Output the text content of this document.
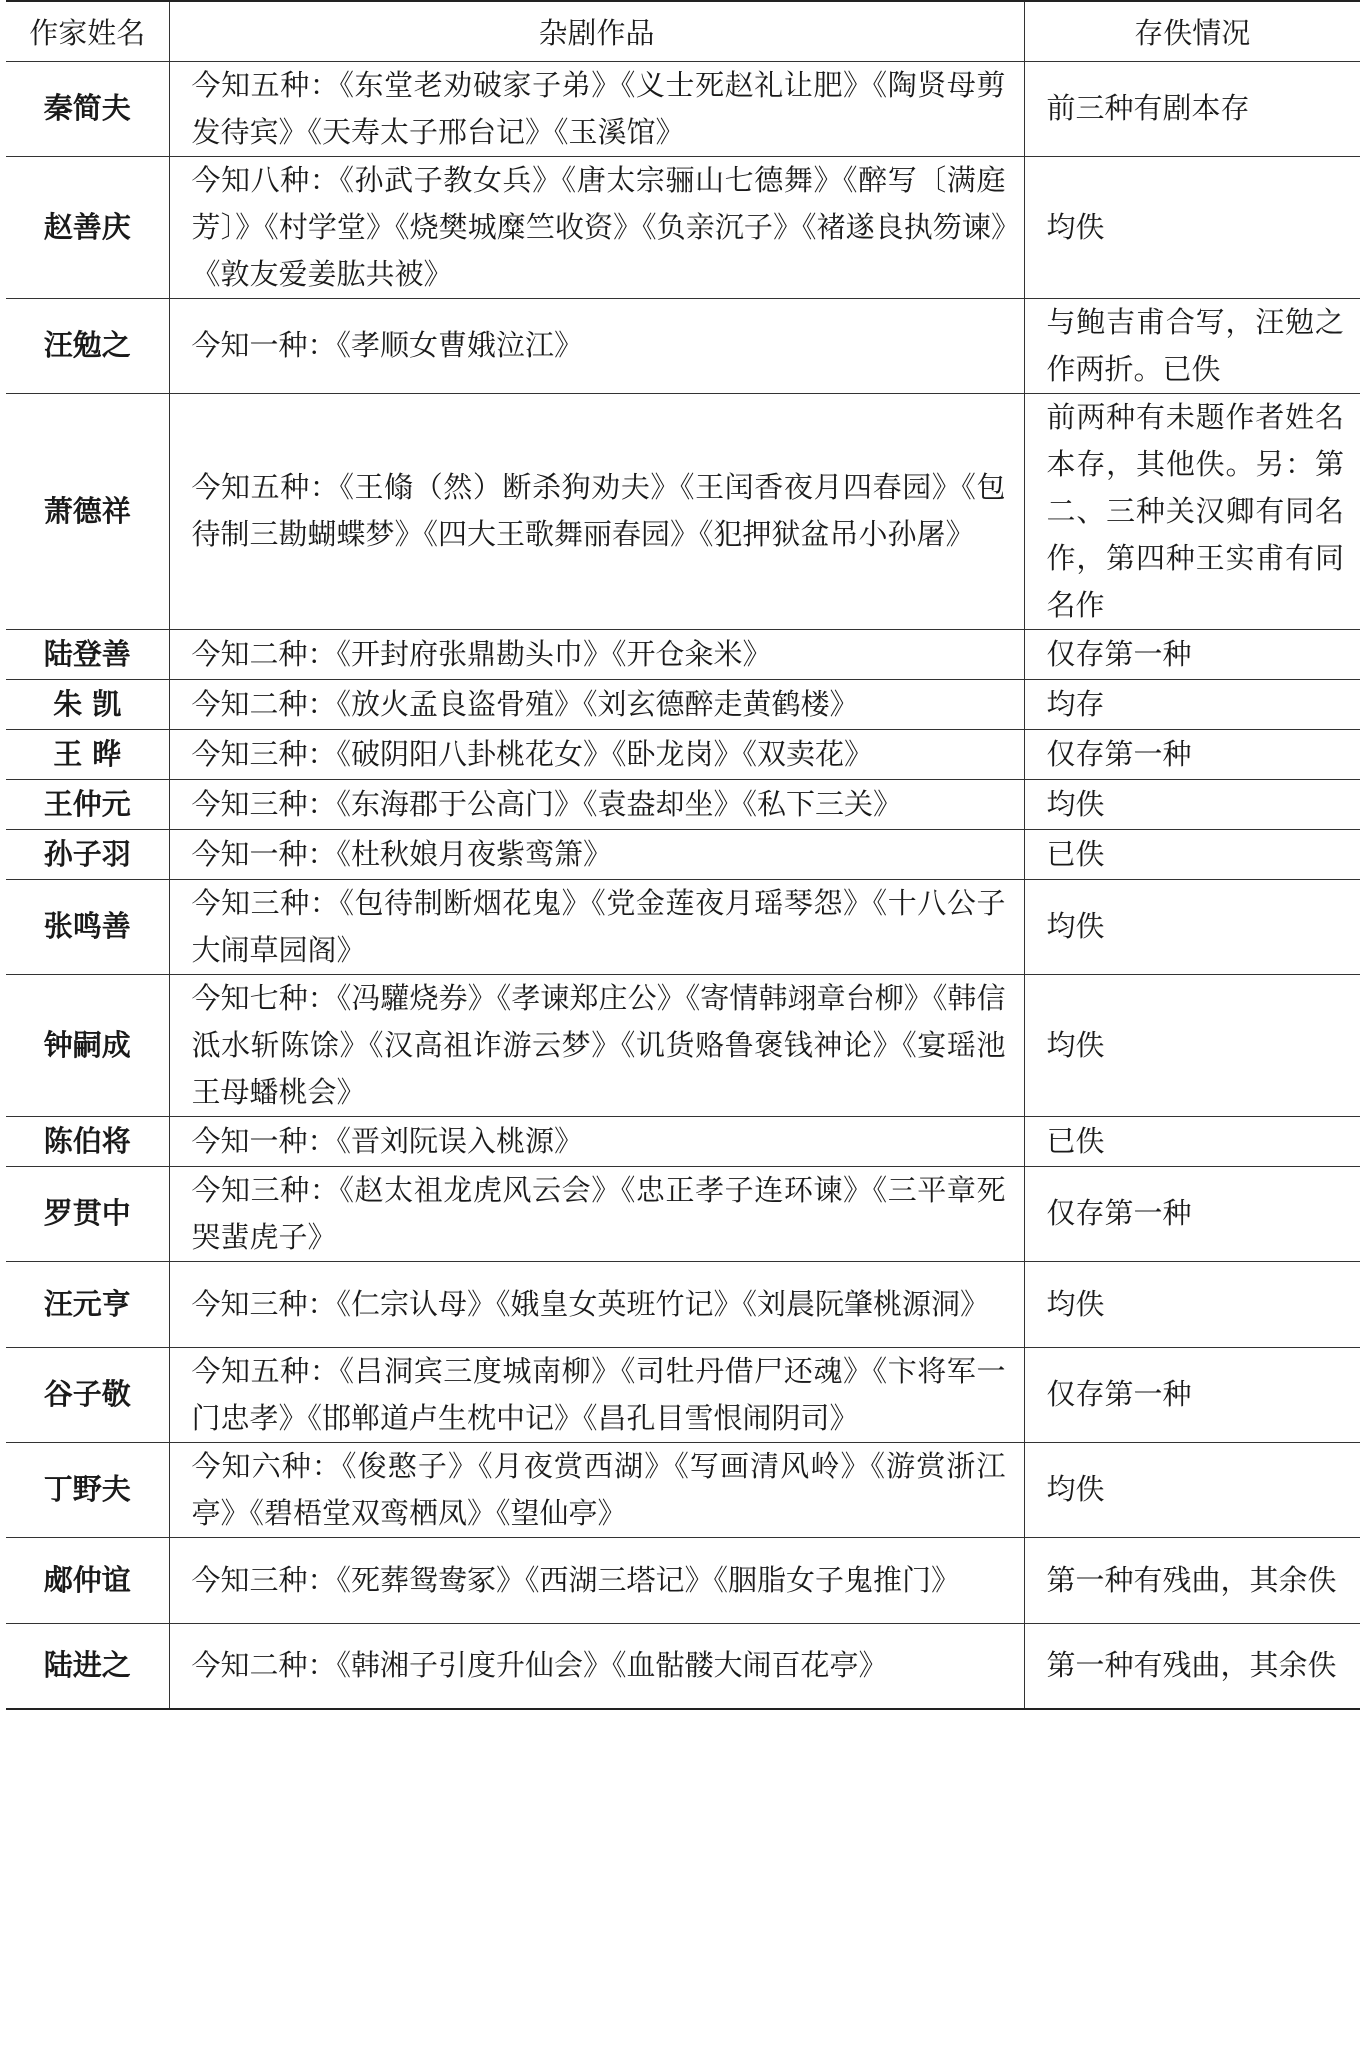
作家姓名	杂剧作品	存佚情况
秦简夫	今知五种：《东堂老劝破家子弟》《义士死赵礼让肥》《陶贤母剪发待宾》《天寿太子邢台记》《玉溪馆》	前三种有剧本存
赵善庆	今知八种：《孙武子教女兵》《唐太宗骊山七德舞》《醉写〔满庭芳〕》《村学堂》《烧樊城糜竺收资》《负亲沉子》《褚遂良执笏谏》《敦友爱姜肱共被》	均佚
汪勉之	今知一种：《孝顺女曹娥泣江》	与鲍吉甫合写，汪勉之作两折。已佚
萧德祥	今知五种：《王翛（然）断杀狗劝夫》《王闰香夜月四春园》《包待制三勘蝴蝶梦》《四大王歌舞丽春园》《犯押狱盆吊小孙屠》	前两种有未题作者姓名本存，其他佚。另：第二、三种关汉卿有同名作，第四种王实甫有同名作
陆登善	今知二种：《开封府张鼎勘头巾》《开仓籴米》	仅存第一种
朱 凯	今知二种：《放火孟良盗骨殖》《刘玄德醉走黄鹤楼》	均存
王 晔	今知三种：《破阴阳八卦桃花女》《卧龙岗》《双卖花》	仅存第一种
王仲元	今知三种：《东海郡于公高门》《袁盎却坐》《私下三关》	均佚
孙子羽	今知一种：《杜秋娘月夜紫鸾箫》	已佚
张鸣善	今知三种：《包待制断烟花鬼》《党金莲夜月瑶琴怨》《十八公子大闹草园阁》	均佚
钟嗣成	今知七种：《冯驩烧券》《孝谏郑庄公》《寄情韩翊章台柳》《韩信泜水斩陈馀》《汉高祖诈游云梦》《讥货赂鲁褒钱神论》《宴瑶池王母蟠桃会》	均佚
陈伯将	今知一种：《晋刘阮误入桃源》	已佚
罗贯中	今知三种：《赵太祖龙虎风云会》《忠正孝子连环谏》《三平章死哭蜚虎子》	仅存第一种
汪元亨	今知三种：《仁宗认母》《娥皇女英班竹记》《刘晨阮肇桃源洞》	均佚
谷子敬	今知五种：《吕洞宾三度城南柳》《司牡丹借尸还魂》《卞将军一门忠孝》《邯郸道卢生枕中记》《昌孔目雪恨闹阴司》	仅存第一种
丁野夫	今知六种：《俊憨子》《月夜赏西湖》《写画清风岭》《游赏浙江亭》《碧梧堂双鸾栖凤》《望仙亭》	均佚
郕仲谊	今知三种：《死葬鸳鸯冢》《西湖三塔记》《胭脂女子鬼推门》	第一种有残曲，其余佚
陆进之	今知二种：《韩湘子引度升仙会》《血骷髅大闹百花亭》	第一种有残曲，其余佚
